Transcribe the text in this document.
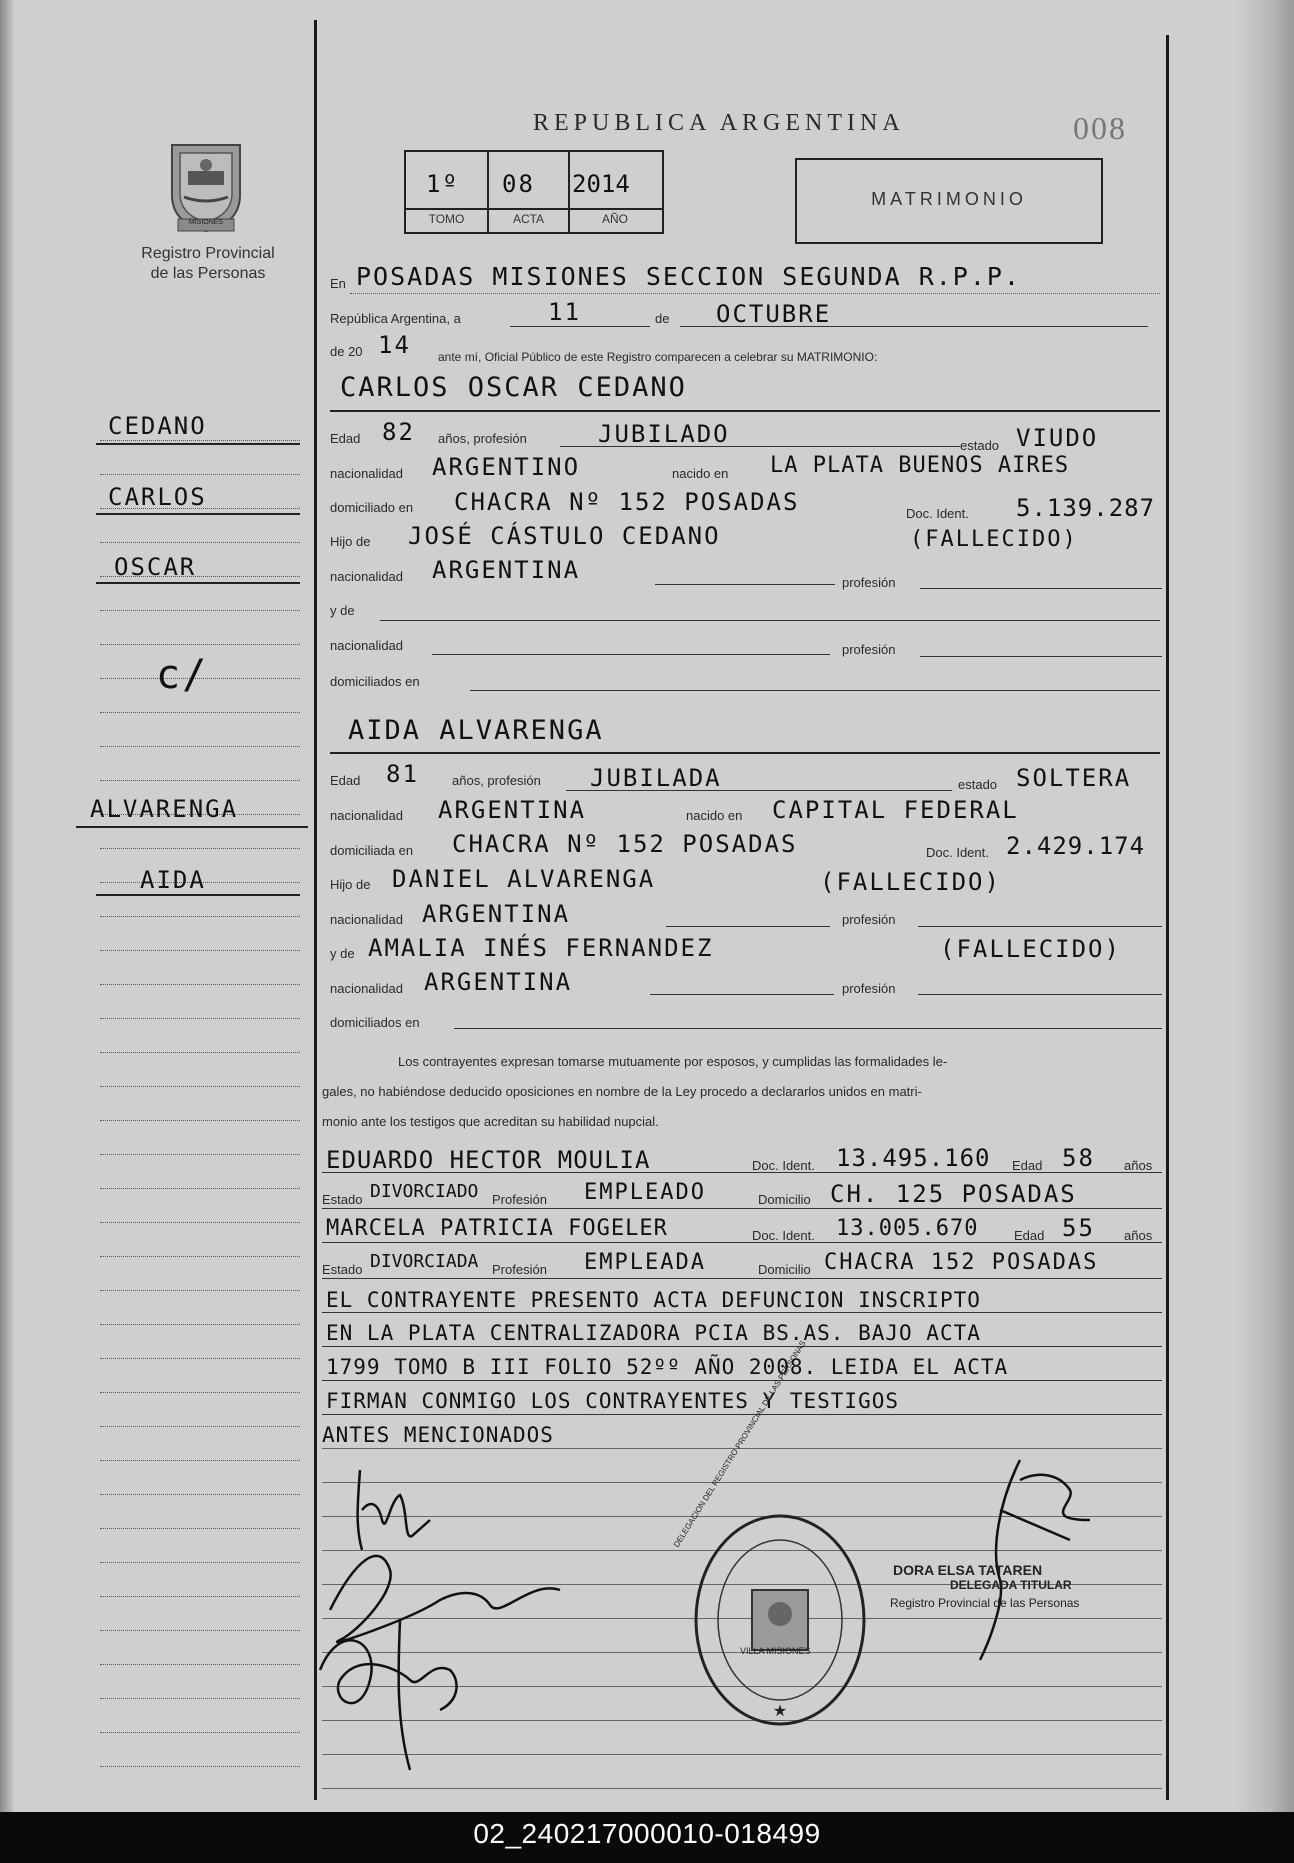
REPUBLICA ARGENTINA	008
1º 08 2014
TOMO	ACTA	AÑO
MATRIMONIO
MISIONES
Registro Provincial
de las Personas
CEDANO
CARLOS
OSCAR
c/
ALVARENGA
AIDA
En POSADAS MISIONES SECCION SEGUNDA R.P.P.
República Argentina, a	11	de OCTUBRE
de 20 14 ante mí, Oficial Público de este Registro comparecen a celebrar su MATRIMONIO:
CARLOS OSCAR CEDANO
Edad 82 años, profesión	JUBILADO	estado VIUDO
nacionalidad ARGENTINO	nacido en LA PLATA BUENOS AIRES
domiciliado en CHACRA Nº 152 POSADAS	Doc. Ident. 5.139.287
Hijo de JOSÉ CÁSTULO CEDANO	(FALLECIDO)
nacionalidad ARGENTINA	profesión
y de
nacionalidad	profesión
domiciliados en
AIDA ALVARENGA
Edad 81	años, profesión JUBILADA	estado SOLTERA
nacionalidad ARGENTINA	nacido en CAPITAL FEDERAL
domiciliada en CHACRA Nº 152 POSADAS	Doc. Ident. 2.429.174
Hijo de DANIEL ALVARENGA	(FALLECIDO)
nacionalidad ARGENTINA	profesión
y de AMALIA INÉS FERNANDEZ	(FALLECIDO)
nacionalidad ARGENTINA	profesión
domiciliados en
Los contrayentes expresan tomarse mutuamente por esposos, y cumplidas las formalidades le-
gales, no habiéndose deducido oposiciones en nombre de la Ley procedo a declararlos unidos en matri-
monio ante los testigos que acreditan su habilidad nupcial.
EDUARDO HECTOR MOULIA	Doc. Ident. 13.495.160 Edad 58 años
Estado DIVORCIADO Profesión EMPLEADO	Domicilio CH. 125 POSADAS
MARCELA PATRICIA FOGELER	Doc. Ident. 13.005.670	Edad 55 años
Estado DIVORCIADA Profesión EMPLEADA	Domicilio CHACRA 152 POSADAS
EL CONTRAYENTE PRESENTO ACTA DEFUNCION INSCRIPTO
EN LA PLATA CENTRALIZADORA PCIA BS.AS. BAJO ACTA
1799 TOMO B III FOLIO 52ºº AÑO 2008. LEIDA EL ACTA
FIRMAN CONMIGO LOS CONTRAYENTES Y TESTIGOS
ANTES MENCIONADOS
★
DELEGACION DEL REGISTRO PROVINCIAL DE LAS PERSONAS
VILLA MISIONES
DORA ELSA TATAREN
DELEGADA TITULAR
Registro Provincial de las Personas
02_240217000010-018499
